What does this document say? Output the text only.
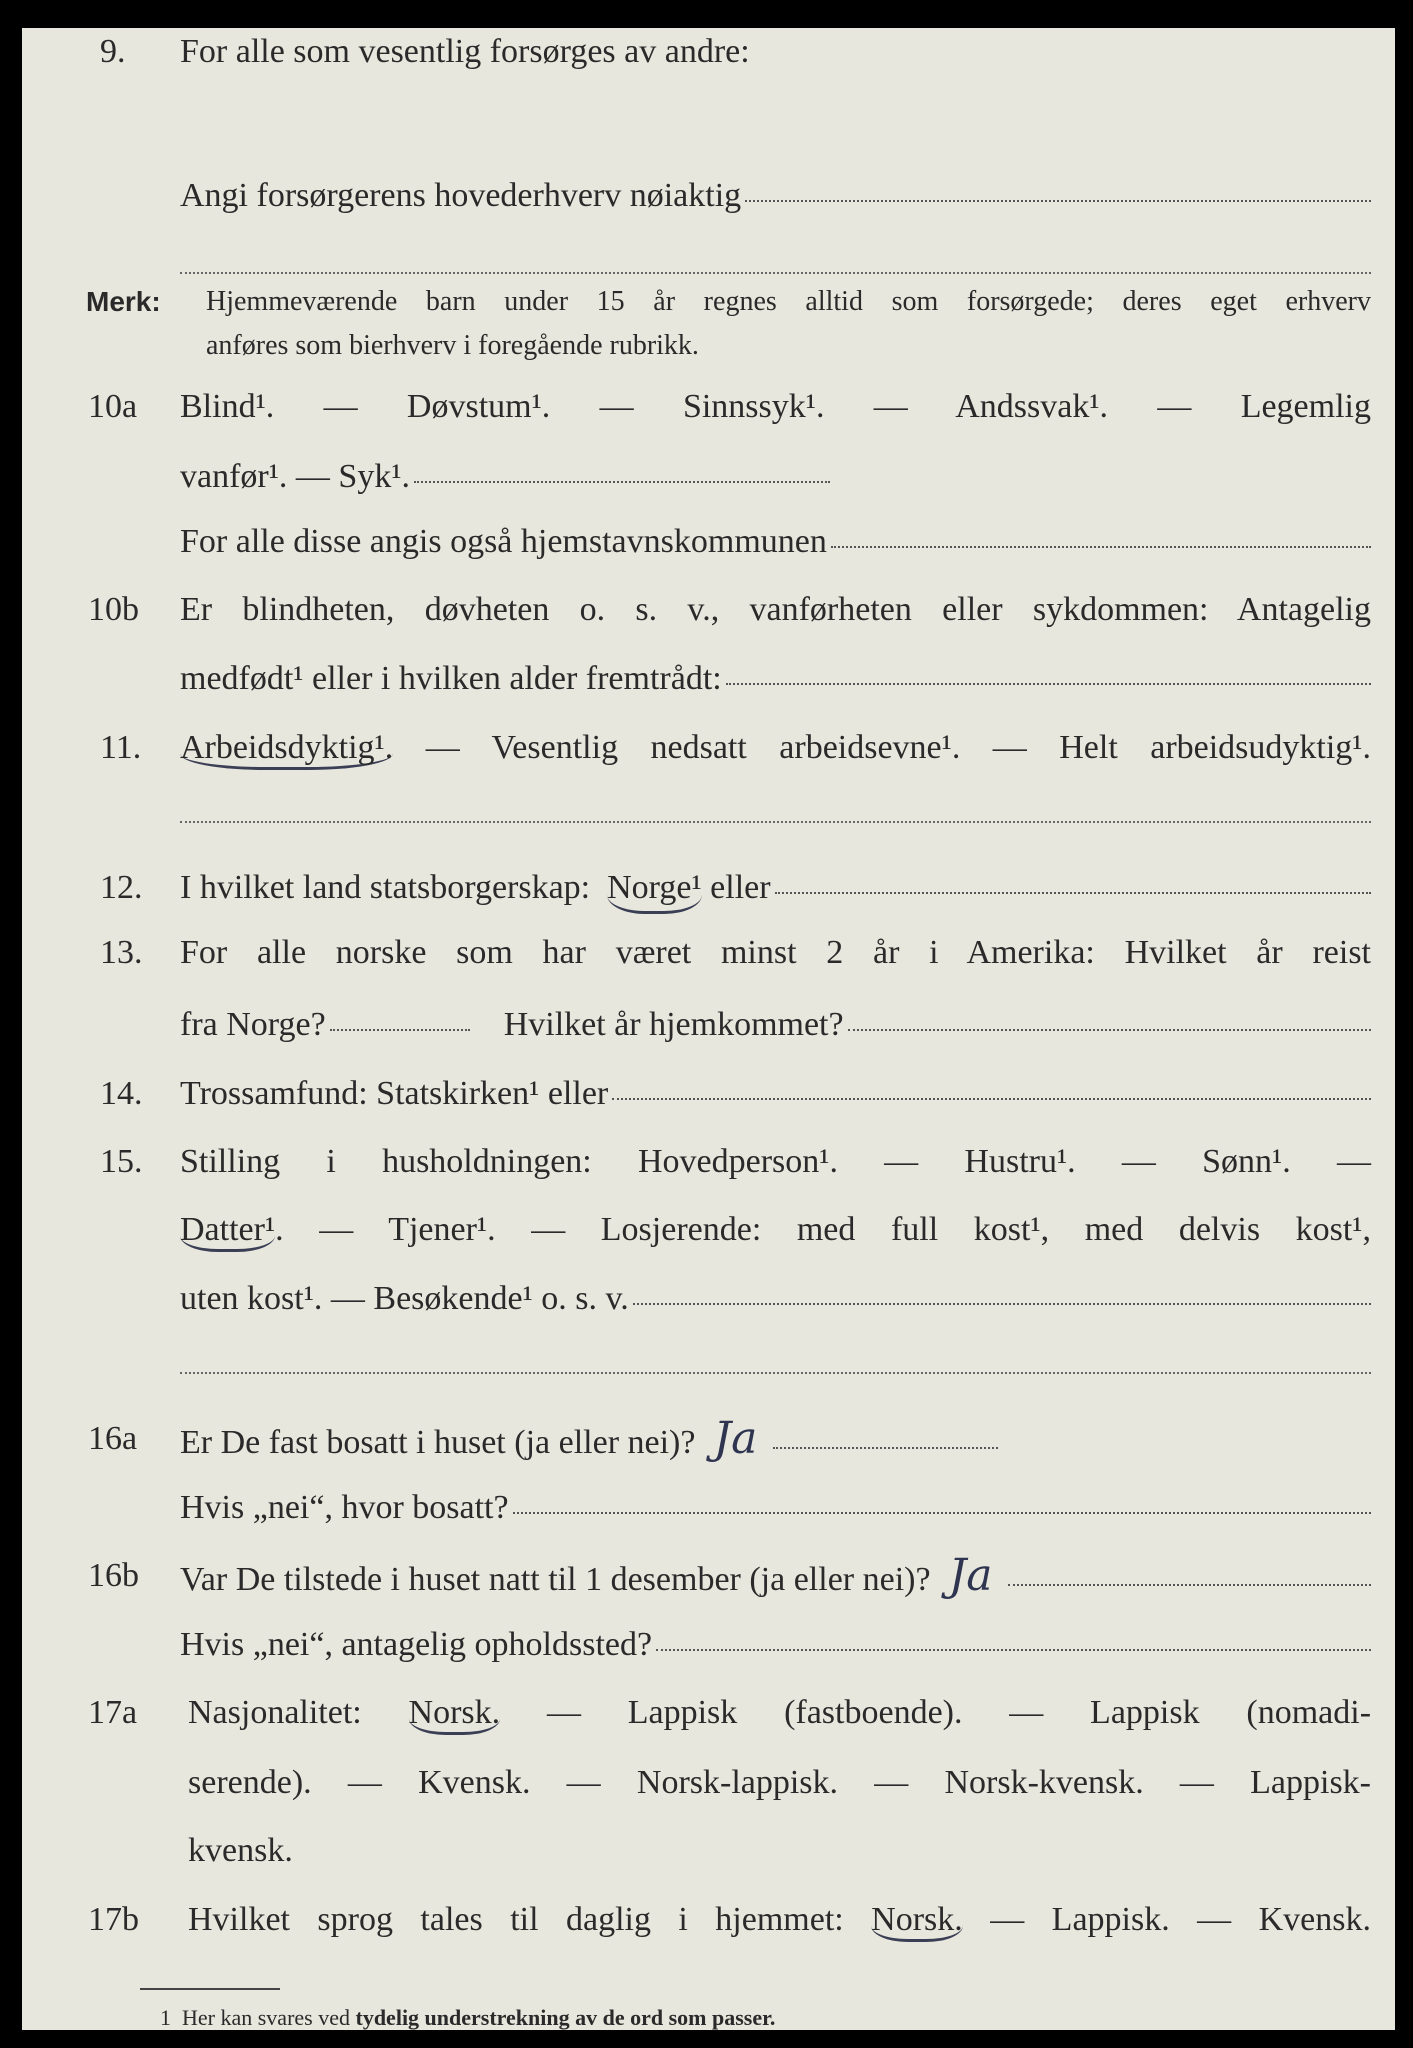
9. For alle som vesentlig forsørges av andre:
Angi forsørgerens hovederhverv nøiaktig
Merk: Hjemmeværende barn under 15 år regnes alltid som forsørgede; deres eget erhverv
anføres som bierhverv i foregående rubrikk.
10a Blind¹. — Døvstum¹. — Sinnssyk¹. — Andssvak¹. — Legemlig
vanfør¹. — Syk¹.
For alle disse angis også hjemstavnskommunen
10b Er blindheten, døvheten o. s. v., vanførheten eller sykdommen: Antagelig
medfødt¹ eller i hvilken alder fremtrådt:
11. Arbeidsdyktig¹. — Vesentlig nedsatt arbeidsevne¹. — Helt arbeidsudyktig¹.
12. I hvilket land statsborgerskap:
Norge¹
eller
13. For alle norske som har været minst 2 år i Amerika: Hvilket år reist
fra Norge?
	Hvilket år hjemkommet?
14. Trossamfund: Statskirken¹ eller
15. Stilling i husholdningen: Hovedperson¹. — Hustru¹. — Sønn¹. —
Datter¹. — Tjener¹. — Losjerende: med full kost¹, med delvis kost¹,
uten kost¹. — Besøkende¹ o. s. v.
16a Er De fast bosatt i huset (ja eller nei)? Ja
Hvis „nei“, hvor bosatt?
16b Var De tilstede i huset natt til 1 desember (ja eller nei)? Ja
Hvis „nei“, antagelig opholdssted?
17a Nasjonalitet: Norsk. — Lappisk (fastboende). — Lappisk (nomadi-
serende). — Kvensk. — Norsk-lappisk. — Norsk-kvensk. — Lappisk-
kvensk.
17b Hvilket sprog tales til daglig i hjemmet: Norsk. — Lappisk. — Kvensk.
1 Her kan svares ved tydelig understrekning av de ord som passer.
